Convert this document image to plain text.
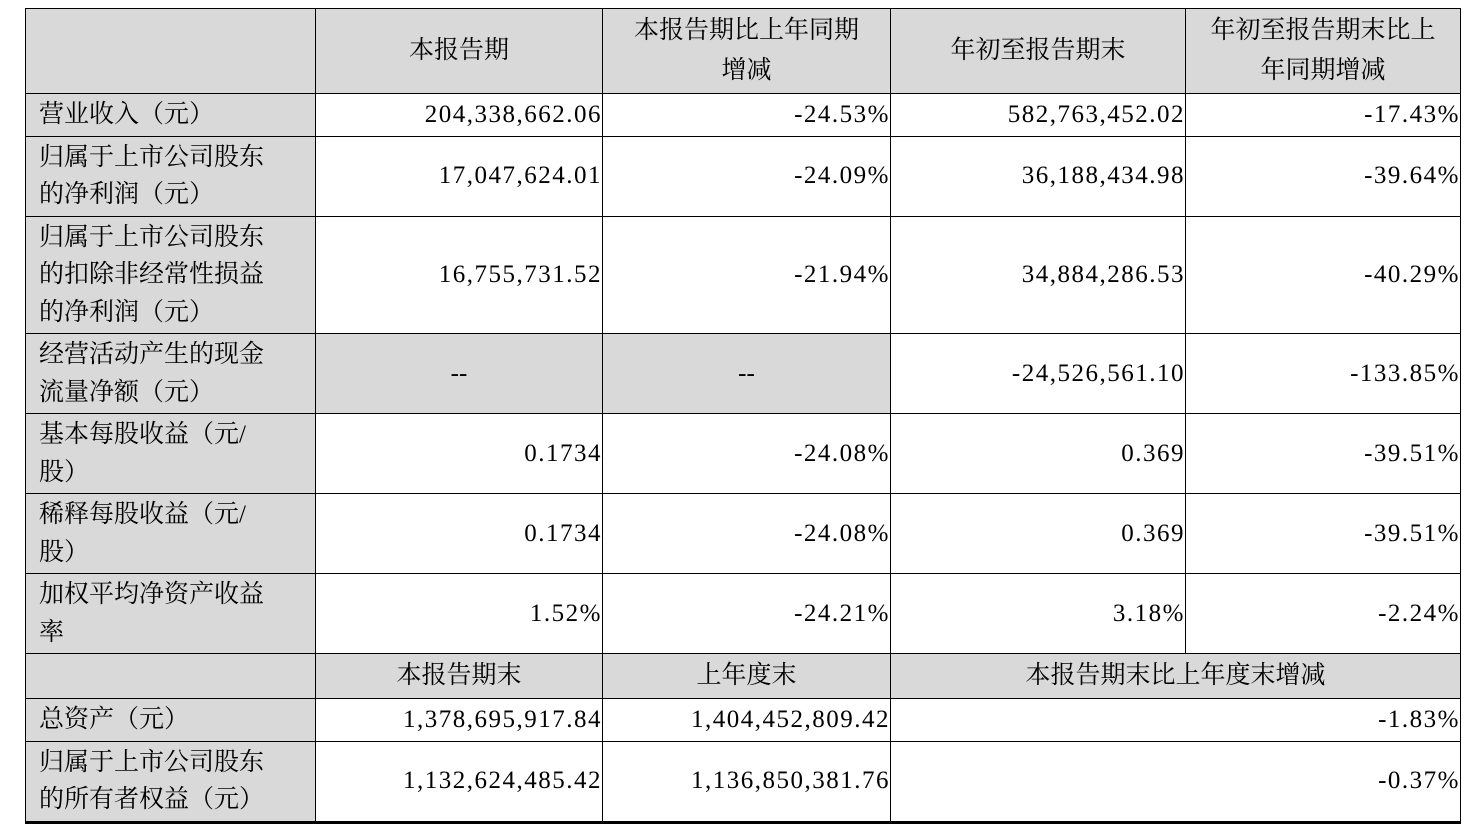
	本报告期	本报告期比上年同期增减	年初至报告期末	年初至报告期末比上年同期增减
营业收入（元）	204,338,662.06	-24.53%	582,763,452.02	-17.43%
归属于上市公司股东的净利润（元）	17,047,624.01	-24.09%	36,188,434.98	-39.64%
归属于上市公司股东的扣除非经常性损益的净利润（元）	16,755,731.52	-21.94%	34,884,286.53	-40.29%
经营活动产生的现金流量净额（元）	--	--	-24,526,561.10	-133.85%
基本每股收益（元/股）	0.1734	-24.08%	0.369	-39.51%
稀释每股收益（元/股）	0.1734	-24.08%	0.369	-39.51%
加权平均净资产收益率	1.52%	-24.21%	3.18%	-2.24%
	本报告期末	上年度末	本报告期末比上年度末增减	
总资产（元）	1,378,695,917.84	1,404,452,809.42	-1.83%	
归属于上市公司股东的所有者权益（元）	1,132,624,485.42	1,136,850,381.76	-0.37%	
